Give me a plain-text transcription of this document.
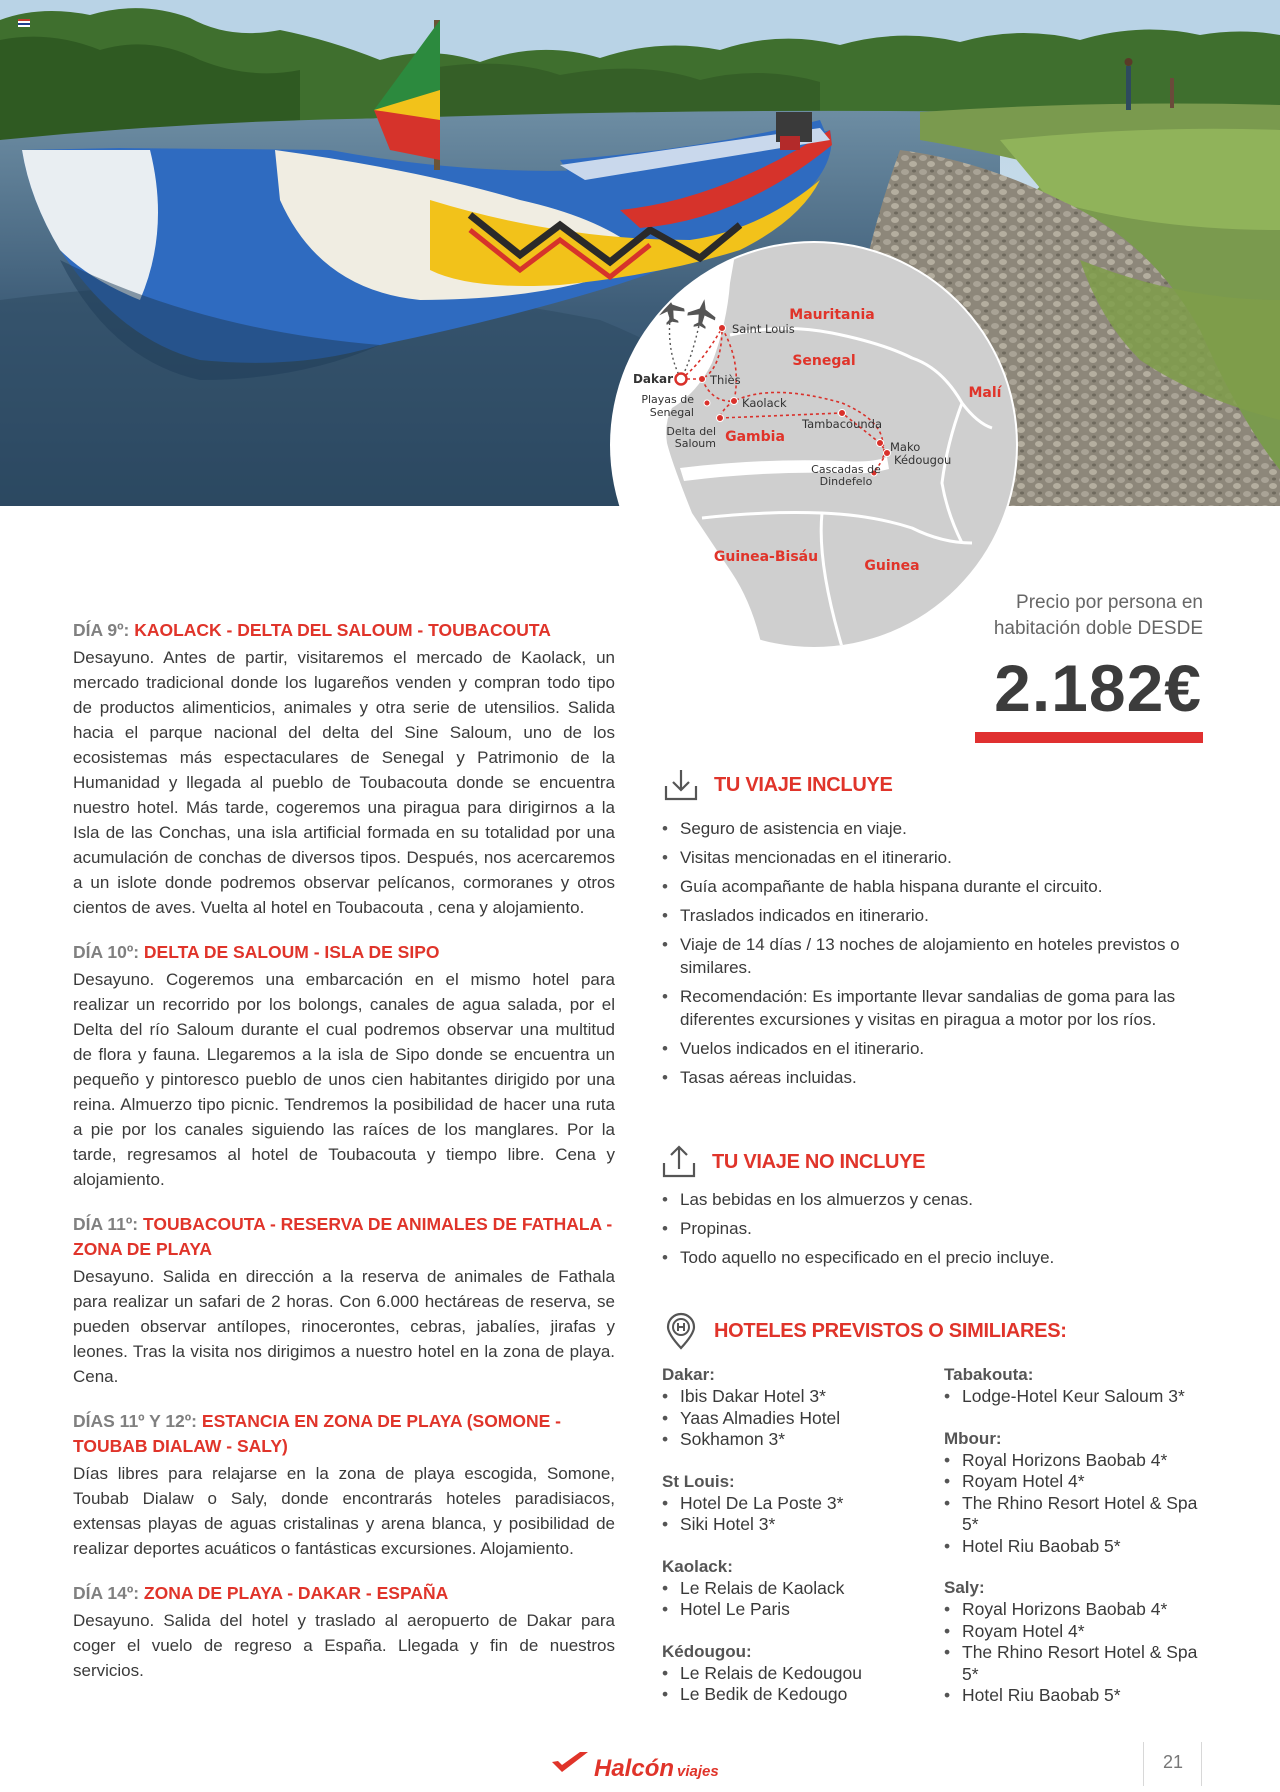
Mauritania
Senegal
Malí
Gambia
Guinea-Bisáu
Guinea
Saint Louis
Dakar	Thiès
Playas de
Senegal
Kaolack
Delta del
Saloum
Tambacounda
Mako
Kédougou
Cascadas de
Dindefelo
Precio por persona en
habitación doble DESDE
2.182€
DÍA 9º: KAOLACK - DELTA DEL SALOUM - TOUBACOUTA

Desayuno. Antes de partir, visitaremos el mercado de Kaolack, un mercado tradicional donde los lugareños venden y compran todo tipo de productos alimenticios, animales y otra serie de utensilios. Salida hacia el parque nacional del delta del Sine Saloum, uno de los ecosistemas más espectaculares de Senegal y Patrimonio de la Humanidad y llegada al pueblo de Toubacouta donde se encuentra nuestro hotel. Más tarde, cogeremos una piragua para dirigirnos a la Isla de las Conchas, una isla artificial formada en su totalidad por una acumulación de conchas de diversos tipos. Después, nos acercaremos a un islote donde podremos observar pelícanos, cormoranes y otros cientos de aves. Vuelta al hotel en Toubacouta , cena y alojamiento.

DÍA 10º: DELTA DE SALOUM - ISLA DE SIPO

Desayuno. Cogeremos una embarcación en el mismo hotel para realizar un recorrido por los bolongs, canales de agua salada, por el Delta del río Saloum durante el cual podremos observar una multitud de flora y fauna. Llegaremos a la isla de Sipo donde se encuentra un pequeño y pintoresco pueblo de unos cien habitantes dirigido por una reina. Almuerzo tipo picnic. Tendremos la posibilidad de hacer una ruta a pie por los canales siguiendo las raíces de los manglares. Por la tarde, regresamos al hotel de Toubacouta y tiempo libre. Cena y alojamiento.

DÍA 11º: TOUBACOUTA - RESERVA DE ANIMALES DE FATHALA - ZONA DE PLAYA

Desayuno. Salida en dirección a la reserva de animales de Fathala para realizar un safari de 2 horas. Con 6.000 hectáreas de reserva, se pueden observar antílopes, rinocerontes, cebras, jabalíes, jirafas y leones. Tras la visita nos dirigimos a nuestro hotel en la zona de playa. Cena.

DÍAS 11º Y 12º: ESTANCIA EN ZONA DE PLAYA (SOMONE - TOUBAB DIALAW - SALY)

Días libres para relajarse en la zona de playa escogida, Somone, Toubab Dialaw o Saly, donde encontrarás hoteles paradisiacos, extensas playas de aguas cristalinas y arena blanca, y posibilidad de realizar deportes acuáticos o fantásticas excursiones. Alojamiento.

DÍA 14º: ZONA DE PLAYA - DAKAR - ESPAÑA

Desayuno. Salida del hotel y traslado al aeropuerto de Dakar para coger el vuelo de regreso a España. Llegada y fin de nuestros servicios.

TU VIAJE INCLUYE
• Seguro de asistencia en viaje.
• Visitas mencionadas en el itinerario.
• Guía acompañante de habla hispana durante el circuito.
• Traslados indicados en itinerario.
• Viaje de 14 días / 13 noches de alojamiento en hoteles previstos o similares.
• Recomendación: Es importante llevar sandalias de goma para las diferentes excursiones y visitas en piragua a motor por los ríos.
• Vuelos indicados en el itinerario.
• Tasas aéreas incluidas.
TU VIAJE NO INCLUYE
• Las bebidas en los almuerzos y cenas.
• Propinas.
• Todo aquello no especificado en el precio incluye.
HOTELES PREVISTOS O SIMILIARES:
Dakar:
• Ibis Dakar Hotel 3*
• Yaas Almadies Hotel
• Sokhamon 3*
St Louis:
• Hotel De La Poste 3*
• Siki Hotel 3*
Kaolack:
• Le Relais de Kaolack
• Hotel Le Paris
Kédougou:
• Le Relais de Kedougou
• Le Bedik de Kedougo
Tabakouta:
• Lodge-Hotel Keur Saloum 3*
Mbour:
• Royal Horizons Baobab 4*
• Royam Hotel 4*
• The Rhino Resort Hotel & Spa 5*
• Hotel Riu Baobab 5*
Saly:
• Royal Horizons Baobab 4*
• Royam Hotel 4*
• The Rhino Resort Hotel & Spa 5*
• Hotel Riu Baobab 5*
Halcón viajes	21
